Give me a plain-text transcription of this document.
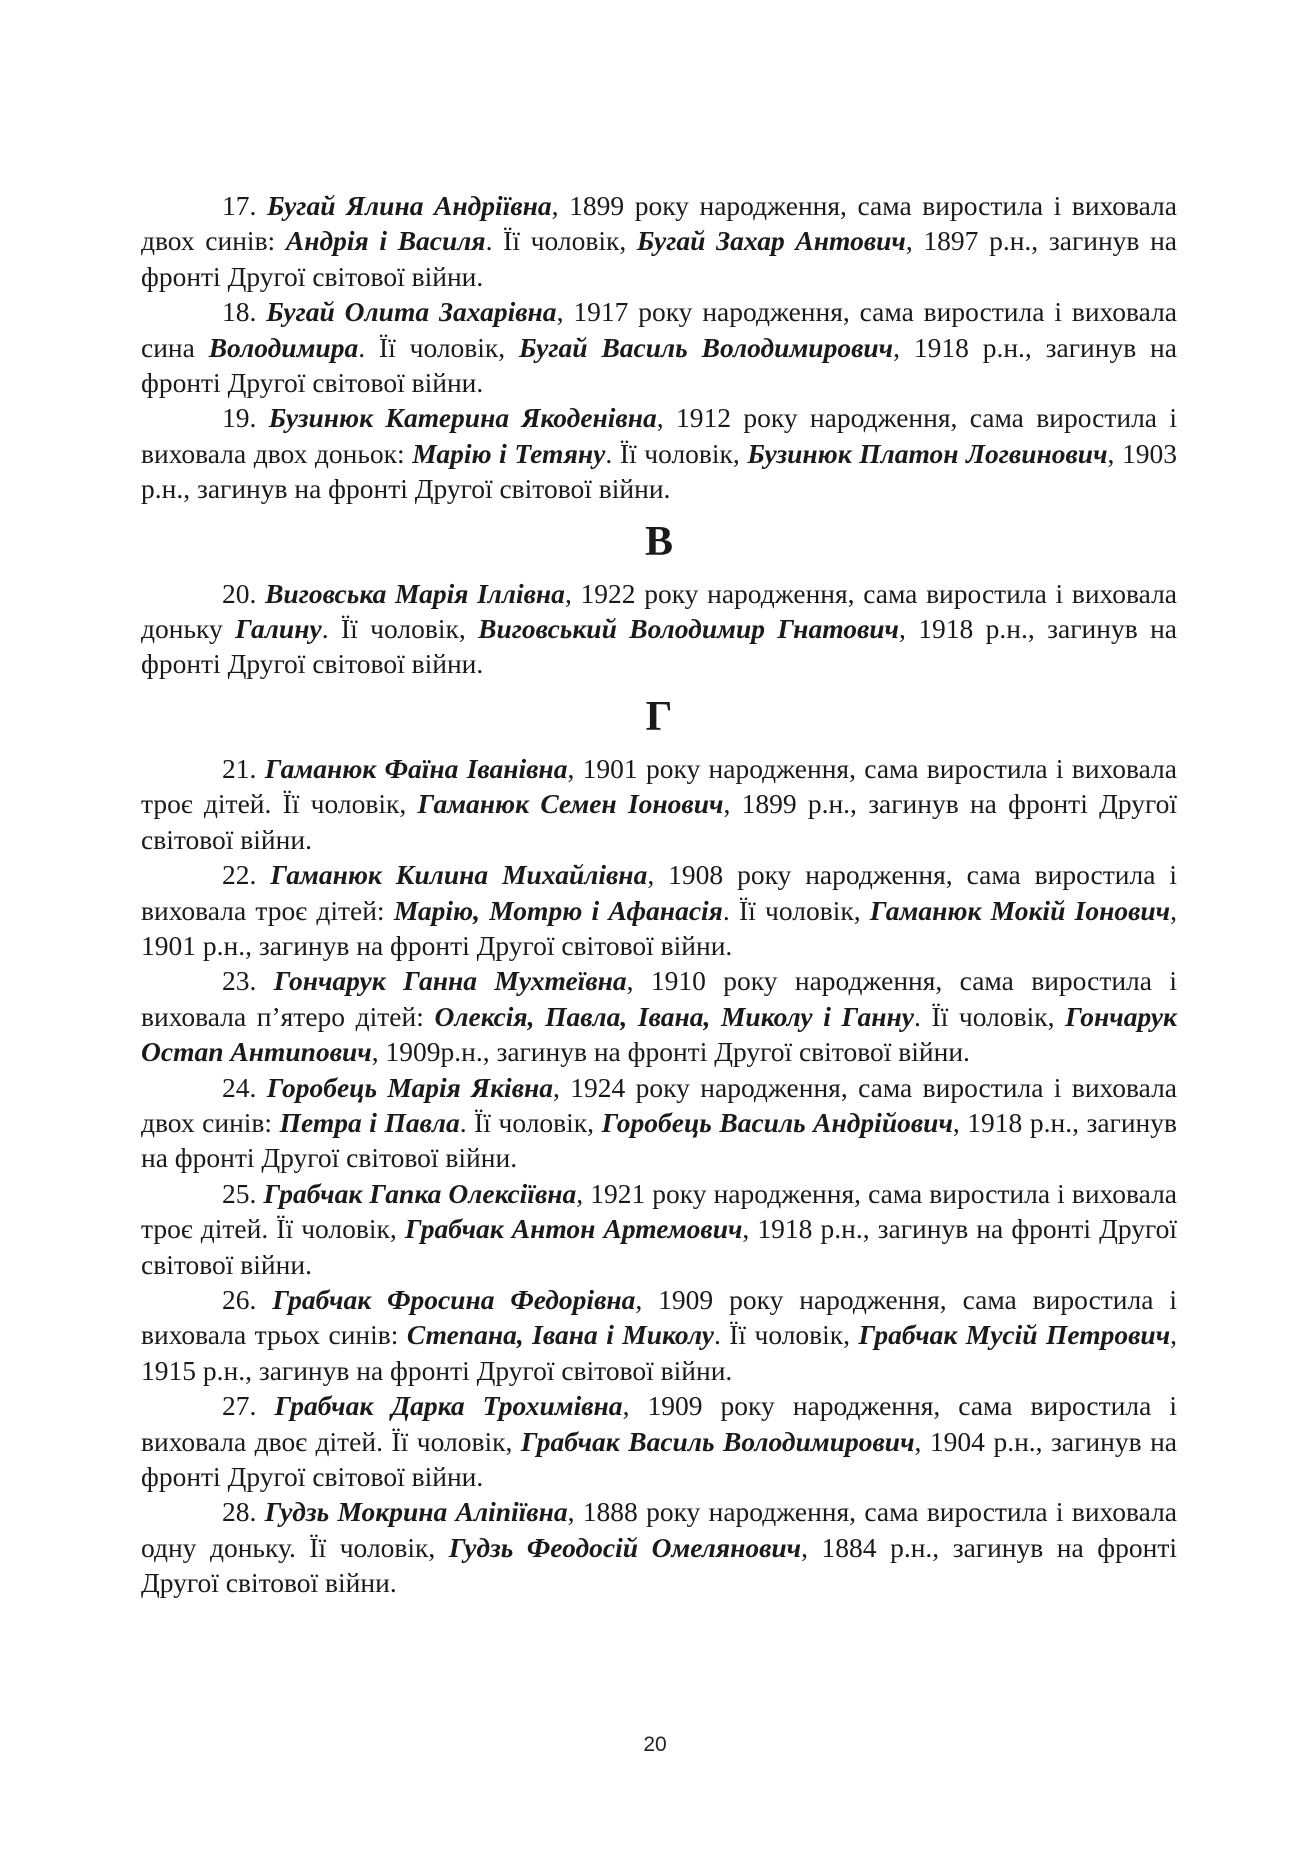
17. Бугай Ялина Андріївна, 1899 року народження, сама виростила і виховала двох синів: Андрія і Василя. Її чоловік, Бугай Захар Антович, 1897 р.н., загинув на фронті Другої світової війни.

18. Бугай Олита Захарівна, 1917 року народження, сама виростила і виховала сина Володимира. Її чоловік, Бугай Василь Володимирович, 1918 р.н., загинув на фронті Другої світової війни.

19. Бузинюк Катерина Якоденівна, 1912 року народження, сама виростила і виховала двох доньок: Марію і Тетяну. Її чоловік, Бузинюк Платон Логвинович, 1903 р.н., загинув на фронті Другої світової війни.

В

20. Виговська Марія Іллівна, 1922 року народження, сама виростила і виховала доньку Галину. Її чоловік, Виговський Володимир Гнатович, 1918 р.н., загинув на фронті Другої світової війни.

Г

21. Гаманюк Фаїна Іванівна, 1901 року народження, сама виростила і виховала троє дітей. Її чоловік, Гаманюк Семен Іонович, 1899 р.н., загинув на фронті Другої світової війни.

22. Гаманюк Килина Михайлівна, 1908 року народження, сама виростила і виховала троє дітей: Марію, Мотрю і Афанасія. Її чоловік, Гаманюк Мокій Іонович, 1901 р.н., загинув на фронті Другої світової війни.

23. Гончарук Ганна Мухтеївна, 1910 року народження, сама виростила і виховала п’ятеро дітей: Олексія, Павла, Івана, Миколу і Ганну. Її чоловік, Гончарук Остап Антипович, 1909р.н., загинув на фронті Другої світової війни.

24. Горобець Марія Яківна, 1924 року народження, сама виростила і виховала двох синів: Петра і Павла. Її чоловік, Горобець Василь Андрійович, 1918 р.н., загинув на фронті Другої світової війни.

25. Грабчак Гапка Олексіївна, 1921 року народження, сама виростила і виховала троє дітей. Її чоловік, Грабчак Антон Артемович, 1918 р.н., загинув на фронті Другої світової війни.

26. Грабчак Фросина Федорівна, 1909 року народження, сама виростила і виховала трьох синів: Степана, Івана і Миколу. Її чоловік, Грабчак Мусій Петрович, 1915 р.н., загинув на фронті Другої світової війни.

27. Грабчак Дарка Трохимівна, 1909 року народження, сама виростила і виховала двоє дітей. Її чоловік, Грабчак Василь Володимирович, 1904 р.н., загинув на фронті Другої світової війни.

28. Гудзь Мокрина Аліпіївна, 1888 року народження, сама виростила і виховала одну доньку. Її чоловік, Гудзь Феодосій Омелянович, 1884 р.н., загинув на фронті Другої світової війни.

20
